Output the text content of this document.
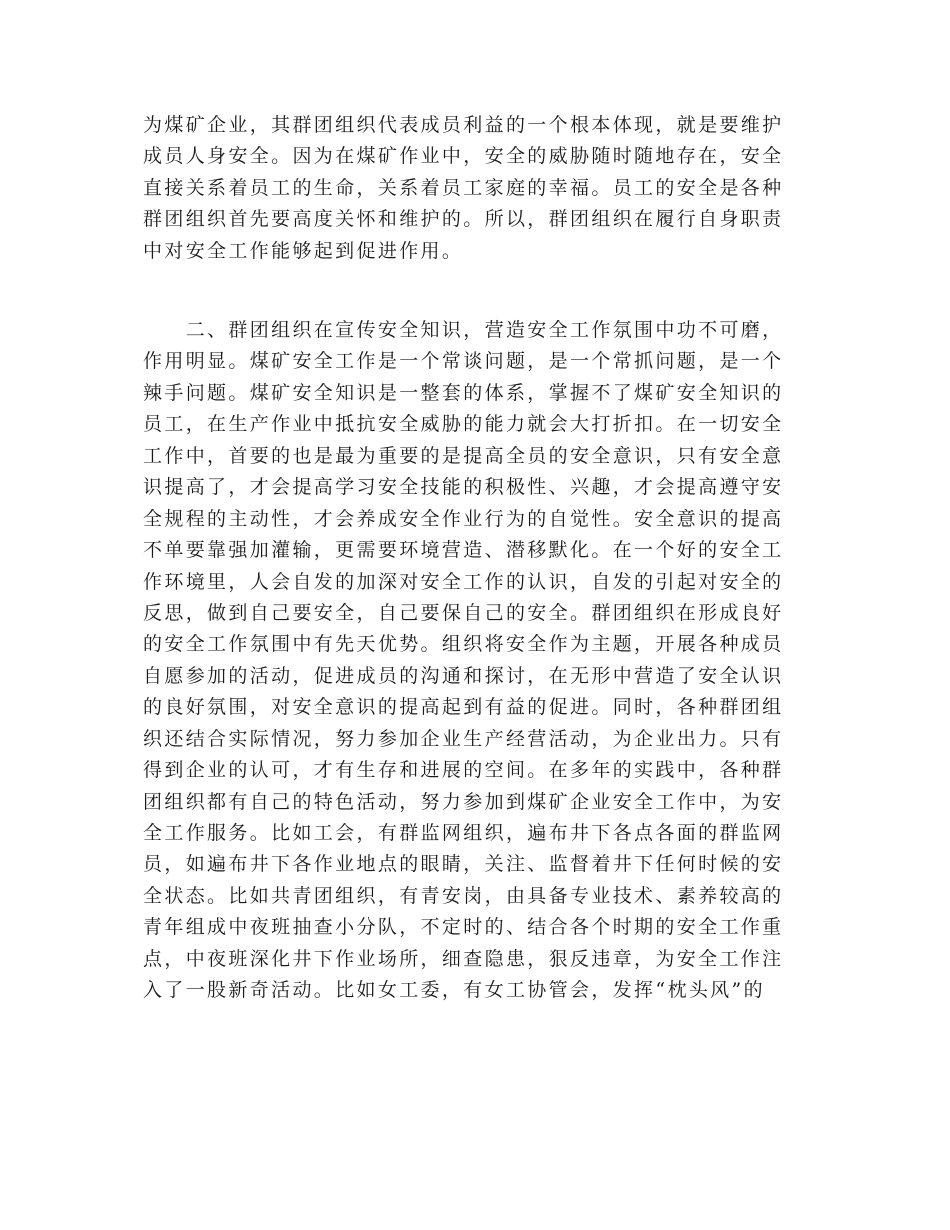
为煤矿企业，其群团组织代表成员利益的一个根本体现，就是要维护
成员人身安全。因为在煤矿作业中，安全的威胁随时随地存在，安全
直接关系着员工的生命，关系着员工家庭的幸福。员工的安全是各种
群团组织首先要高度关怀和维护的。所以，群团组织在履行自身职责
中对安全工作能够起到促进作用。
　　二、群团组织在宣传安全知识，营造安全工作氛围中功不可磨，
作用明显。煤矿安全工作是一个常谈问题，是一个常抓问题，是一个
辣手问题。煤矿安全知识是一整套的体系，掌握不了煤矿安全知识的
员工，在生产作业中抵抗安全威胁的能力就会大打折扣。在一切安全
工作中，首要的也是最为重要的是提高全员的安全意识，只有安全意
识提高了，才会提高学习安全技能的积极性、兴趣，才会提高遵守安
全规程的主动性，才会养成安全作业行为的自觉性。安全意识的提高
不单要靠强加灌输，更需要环境营造、潜移默化。在一个好的安全工
作环境里，人会自发的加深对安全工作的认识，自发的引起对安全的
反思，做到自己要安全，自己要保自己的安全。群团组织在形成良好
的安全工作氛围中有先天优势。组织将安全作为主题，开展各种成员
自愿参加的活动，促进成员的沟通和探讨，在无形中营造了安全认识
的良好氛围，对安全意识的提高起到有益的促进。同时，各种群团组
织还结合实际情况，努力参加企业生产经营活动，为企业出力。只有
得到企业的认可，才有生存和进展的空间。在多年的实践中，各种群
团组织都有自己的特色活动，努力参加到煤矿企业安全工作中，为安
全工作服务。比如工会，有群监网组织，遍布井下各点各面的群监网
员，如遍布井下各作业地点的眼睛，关注、监督着井下任何时候的安
全状态。比如共青团组织，有青安岗，由具备专业技术、素养较高的
青年组成中夜班抽查小分队，不定时的、结合各个时期的安全工作重
点，中夜班深化井下作业场所，细查隐患，狠反违章，为安全工作注
入了一股新奇活动。比如女工委，有女工协管会，发挥“枕头风”的
